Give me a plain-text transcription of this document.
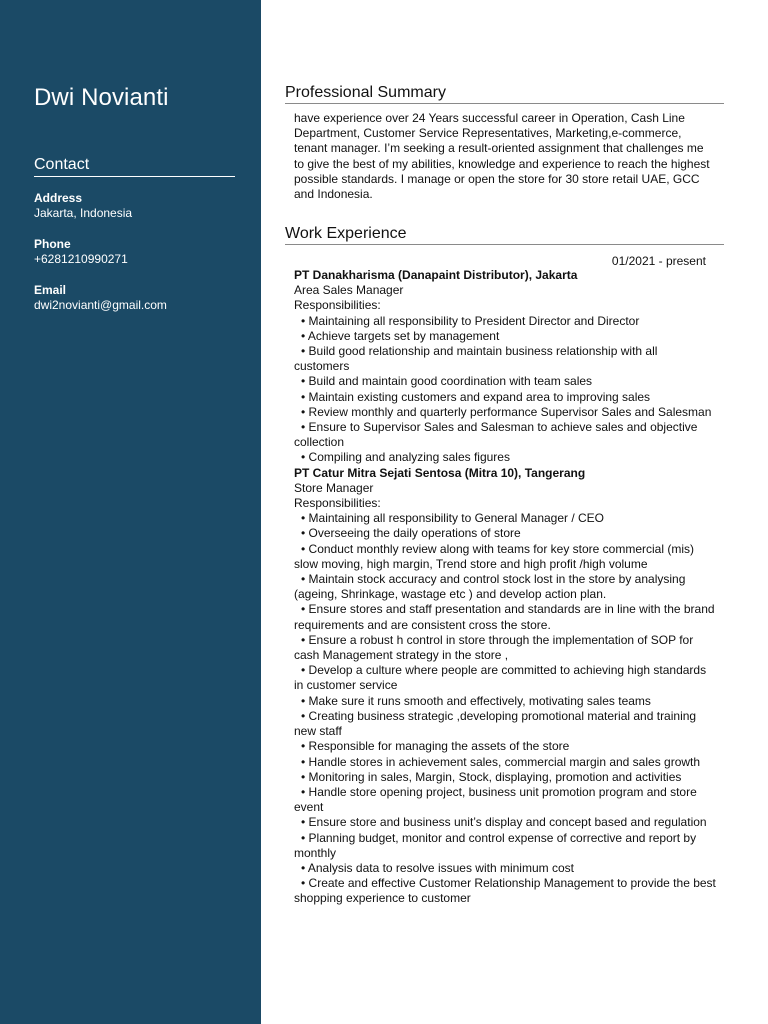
Dwi Novianti
Contact
Address
Jakarta, Indonesia
Phone
+6281210990271
Email
dwi2novianti@gmail.com
Professional Summary

have experience over 24 Years successful career in Operation, Cash Line Department, Customer Service Representatives, Marketing,e-commerce, tenant manager. I’m seeking a result-oriented assignment that challenges me to give the best of my abilities, knowledge and experience to reach the highest possible standards. I manage or open the store for 30 store retail UAE, GCC and Indonesia.

Work Experience
01/2021 - present
PT Danakharisma (Danapaint Distributor), Jakarta
Area Sales Manager
Responsibilities:
• Maintaining all responsibility to President Director and Director
• Achieve targets set by management
• Build good relationship and maintain business relationship with all customers
• Build and maintain good coordination with team sales
• Maintain existing customers and expand area to improving sales
• Review monthly and quarterly performance Supervisor Sales and Salesman
• Ensure to Supervisor Sales and Salesman to achieve sales and objective collection
• Compiling and analyzing sales figures
PT Catur Mitra Sejati Sentosa (Mitra 10), Tangerang
Store Manager
Responsibilities:
• Maintaining all responsibility to General Manager / CEO
• Overseeing the daily operations of store
• Conduct monthly review along with teams for key store commercial (mis) slow moving, high margin, Trend store and high profit /high volume
• Maintain stock accuracy and control stock lost in the store by analysing (ageing, Shrinkage, wastage etc ) and develop action plan.
• Ensure stores and staff presentation and standards are in line with the brand requirements and are consistent cross the store.
• Ensure a robust h control in store through the implementation of SOP for cash Management strategy in the store ,
• Develop a culture where people are committed to achieving high standards in customer service
• Make sure it runs smooth and effectively, motivating sales teams
• Creating business strategic ,developing promotional material and training new staff
• Responsible for managing the assets of the store
• Handle stores in achievement sales, commercial margin and sales growth
• Monitoring in sales, Margin, Stock, displaying, promotion and activities
• Handle store opening project, business unit promotion program and store event
• Ensure store and business unit’s display and concept based and regulation
• Planning budget, monitor and control expense of corrective and report by monthly
• Analysis data to resolve issues with minimum cost
• Create and effective Customer Relationship Management to provide the best shopping experience to customer
